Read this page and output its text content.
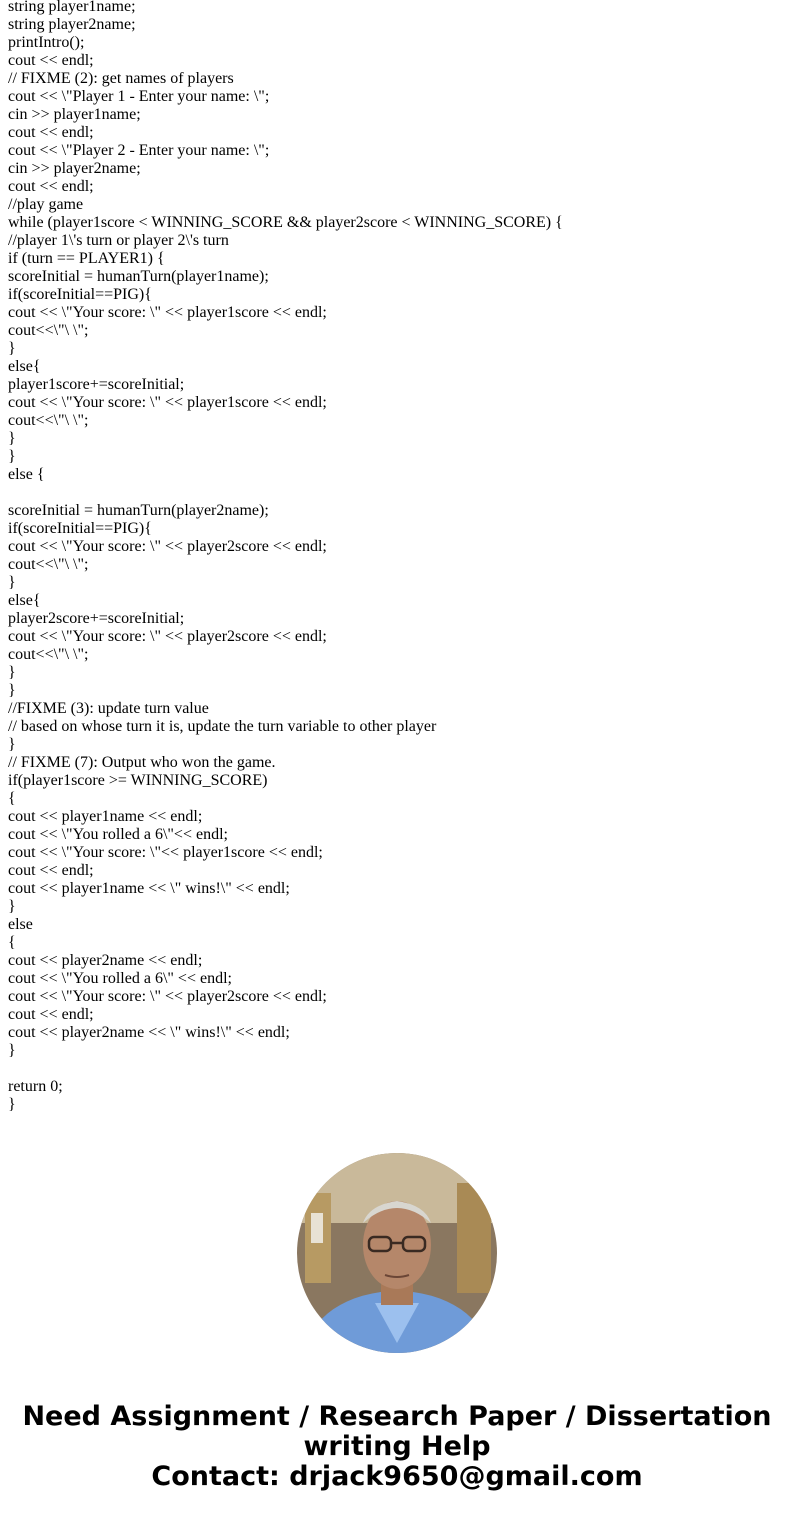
string player1name;
string player2name;
printIntro();
cout << endl;
// FIXME (2): get names of players
cout << \"Player 1 - Enter your name: \";
cin >> player1name;
cout << endl;
cout << \"Player 2 - Enter your name: \";
cin >> player2name;
cout << endl;
//play game
while (player1score < WINNING_SCORE && player2score < WINNING_SCORE) {
//player 1\'s turn or player 2\'s turn
if (turn == PLAYER1) {
scoreInitial = humanTurn(player1name);
if(scoreInitial==PIG){
cout << \"Your score: \" << player1score << endl;
cout<<\"\ \";
}
else{
player1score+=scoreInitial;
cout << \"Your score: \" << player1score << endl;
cout<<\"\ \";
}
}
else {
scoreInitial = humanTurn(player2name);
if(scoreInitial==PIG){
cout << \"Your score: \" << player2score << endl;
cout<<\"\ \";
}
else{
player2score+=scoreInitial;
cout << \"Your score: \" << player2score << endl;
cout<<\"\ \";
}
}
//FIXME (3): update turn value
// based on whose turn it is, update the turn variable to other player
}
// FIXME (7): Output who won the game.
if(player1score >= WINNING_SCORE)
{
cout << player1name << endl;
cout << \"You rolled a 6\"<< endl;
cout << \"Your score: \"<< player1score << endl;
cout << endl;
cout << player1name << \" wins!\" << endl;
}
else
{
cout << player2name << endl;
cout << \"You rolled a 6\" << endl;
cout << \"Your score: \" << player2score << endl;
cout << endl;
cout << player2name << \" wins!\" << endl;
}
return 0;
}
Need Assignment / Research Paper / Dissertation
writing Help
Contact: drjack9650@gmail.com
